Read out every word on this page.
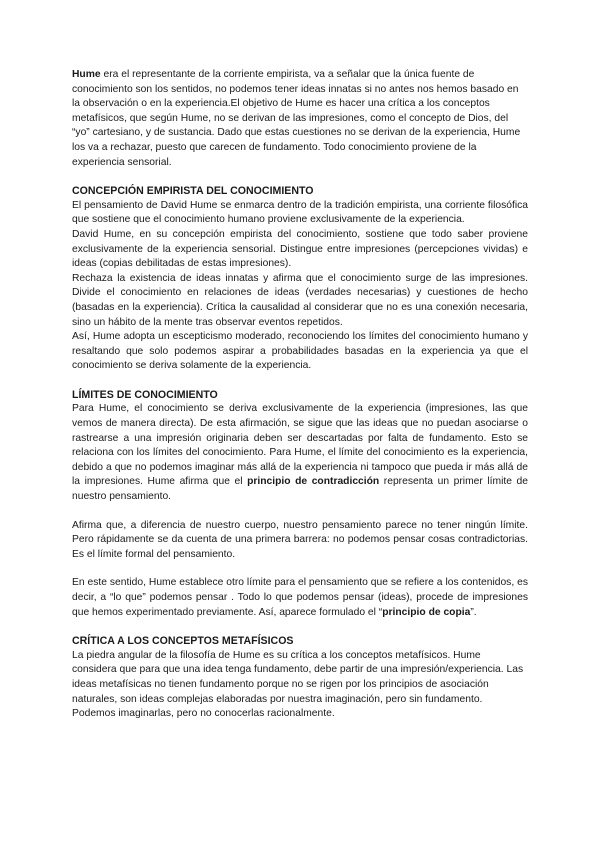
Hume era el representante de la corriente empirista, va a señalar que la única fuente de conocimiento son los sentidos, no podemos tener ideas innatas si no antes nos hemos basado en la observación o en la experiencia.El objetivo de Hume es hacer una crítica a los conceptos metafísicos, que según Hume, no se derivan de las impresiones, como el concepto de Dios, del “yo” cartesiano, y de sustancia. Dado que estas cuestiones no se derivan de la experiencia, Hume los va a rechazar, puesto que carecen de fundamento. Todo conocimiento proviene de la experiencia sensorial.

CONCEPCIÓN EMPIRISTA DEL CONOCIMIENTO

El pensamiento de David Hume se enmarca dentro de la tradición empirista, una corriente filosófica que sostiene que el conocimiento humano proviene exclusivamente de la experiencia.

David Hume, en su concepción empirista del conocimiento, sostiene que todo saber proviene exclusivamente de la experiencia sensorial. Distingue entre impresiones (percepciones vividas) e ideas (copias debilitadas de estas impresiones).

Rechaza la existencia de ideas innatas y afirma que el conocimiento surge de las impresiones. Divide el conocimiento en relaciones de ideas (verdades necesarias) y cuestiones de hecho (basadas en la experiencia). Crítica la causalidad al considerar que no es una conexión necesaria, sino un hábito de la mente tras observar eventos repetidos.

Así, Hume adopta un escepticismo moderado, reconociendo los límites del conocimiento humano y resaltando que solo podemos aspirar a probabilidades basadas en la experiencia ya que el conocimiento se deriva solamente de la experiencia.

LÍMITES DE CONOCIMIENTO

Para Hume, el conocimiento se deriva exclusivamente de la experiencia (impresiones, las que vemos de manera directa). De esta afirmación, se sigue que las ideas que no puedan asociarse o rastrearse a una impresión originaria deben ser descartadas por falta de fundamento. Esto se relaciona con los límites del conocimiento. Para Hume, el límite del conocimiento es la experiencia, debido a que no podemos imaginar más allá de la experiencia ni tampoco que pueda ir más allá de la impresiones. Hume afirma que el principio de contradicción representa un primer límite de nuestro pensamiento.

Afirma que, a diferencia de nuestro cuerpo, nuestro pensamiento parece no tener ningún límite. Pero rápidamente se da cuenta de una primera barrera: no podemos pensar cosas contradictorias. Es el límite formal del pensamiento.

En este sentido, Hume establece otro límite para el pensamiento que se refiere a los contenidos, es decir, a “lo que” podemos pensar . Todo lo que podemos pensar (ideas), procede de impresiones que hemos experimentado previamente. Así, aparece formulado el “principio de copia”.

CRÍTICA A LOS CONCEPTOS METAFÍSICOS

La piedra angular de la filosofía de Hume es su crítica a los conceptos metafísicos. Hume considera que para que una idea tenga fundamento, debe partir de una impresión/experiencia. Las ideas metafísicas no tienen fundamento porque no se rigen por los principios de asociación naturales, son ideas complejas elaboradas por nuestra imaginación, pero sin fundamento. Podemos imaginarlas, pero no conocerlas racionalmente.
